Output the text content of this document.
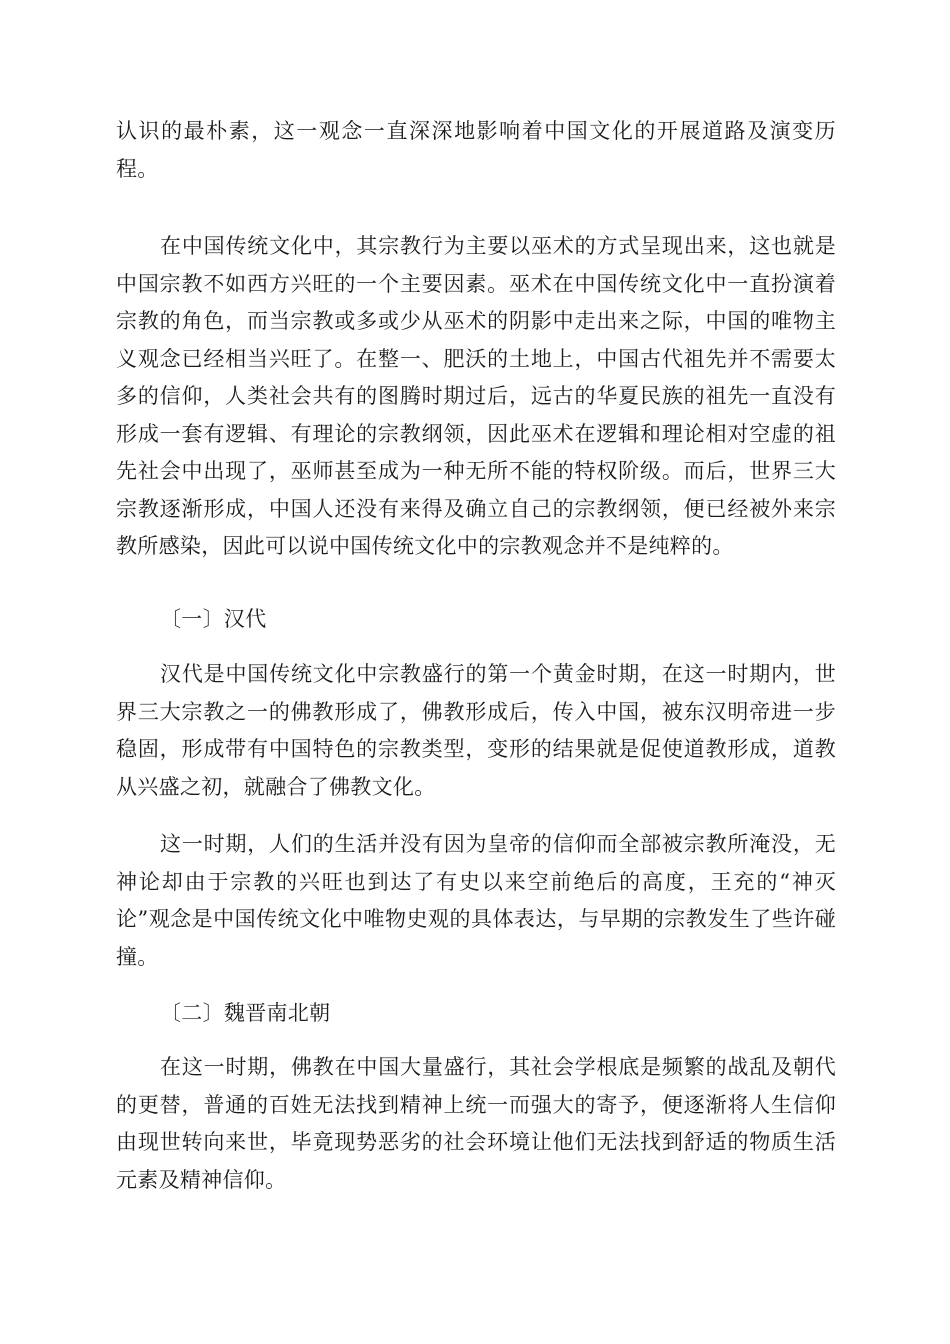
认识的最朴素，这一观念一直深深地影响着中国文化的开展道路及演变历程。

在中国传统文化中，其宗教行为主要以巫术的方式呈现出来，这也就是中国宗教不如西方兴旺的一个主要因素。巫术在中国传统文化中一直扮演着宗教的角色，而当宗教或多或少从巫术的阴影中走出来之际，中国的唯物主义观念已经相当兴旺了。在整一、肥沃的土地上，中国古代祖先并不需要太多的信仰，人类社会共有的图腾时期过后，远古的华夏民族的祖先一直没有形成一套有逻辑、有理论的宗教纲领，因此巫术在逻辑和理论相对空虚的祖先社会中出现了，巫师甚至成为一种无所不能的特权阶级。而后，世界三大宗教逐渐形成，中国人还没有来得及确立自己的宗教纲领，便已经被外来宗教所感染，因此可以说中国传统文化中的宗教观念并不是纯粹的。

〔一〕汉代

汉代是中国传统文化中宗教盛行的第一个黄金时期，在这一时期内，世界三大宗教之一的佛教形成了，佛教形成后，传入中国，被东汉明帝进一步稳固，形成带有中国特色的宗教类型，变形的结果就是促使道教形成，道教从兴盛之初，就融合了佛教文化。

这一时期，人们的生活并没有因为皇帝的信仰而全部被宗教所淹没，无神论却由于宗教的兴旺也到达了有史以来空前绝后的高度，王充的“神灭论”观念是中国传统文化中唯物史观的具体表达，与早期的宗教发生了些许碰撞。

〔二〕魏晋南北朝

在这一时期，佛教在中国大量盛行，其社会学根底是频繁的战乱及朝代的更替，普通的百姓无法找到精神上统一而强大的寄予，便逐渐将人生信仰由现世转向来世，毕竟现势恶劣的社会环境让他们无法找到舒适的物质生活元素及精神信仰。
